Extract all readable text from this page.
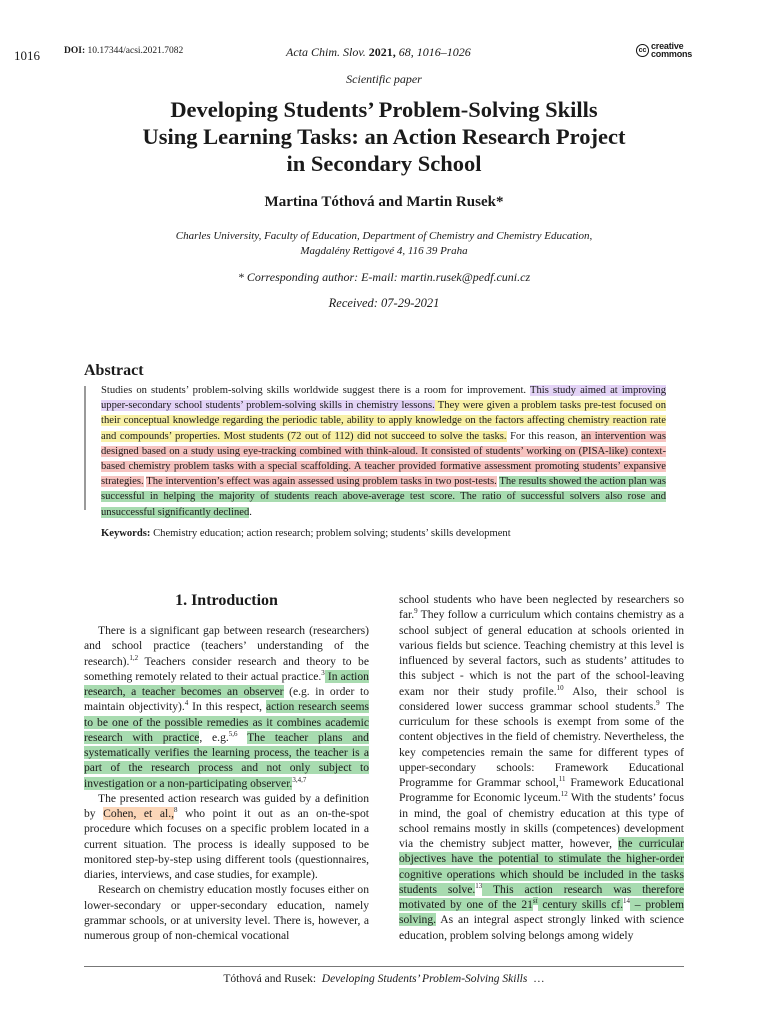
1016	DOI: 10.17344/acsi.2021.7082	Acta Chim. Slov. 2021, 68, 1016–1026	cc creative
commons
Scientific paper
Developing Students’ Problem-Solving Skills
Using Learning Tasks: an Action Research Project
in Secondary School
Martina Tóthová and Martin Rusek*
Charles University, Faculty of Education, Department of Chemistry and Chemistry Education,
Magdalény Rettigové 4, 116 39 Praha
* Corresponding author: E-mail: martin.rusek@pedf.cuni.cz
Received: 07-29-2021
Abstract
Studies on students’ problem-solving skills worldwide suggest there is a room for improvement. This study aimed at improving upper-secondary school students’ problem-solving skills in chemistry lessons. They were given a problem tasks pre-test focused on their conceptual knowledge regarding the periodic table, ability to apply knowledge on the factors affecting chemistry reaction rate and compounds’ properties. Most students (72 out of 112) did not succeed to solve the tasks. For this reason, an intervention was designed based on a study using eye-tracking combined with think-aloud. It consisted of students’ working on (PISA-like) context-based chemistry problem tasks with a special scaffolding. A teacher provided formative assessment promoting students’ expansive strategies. The intervention’s effect was again assessed using problem tasks in two post-tests. The results showed the action plan was successful in helping the majority of students reach above-average test score. The ratio of successful solvers also rose and unsuccessful significantly declined.
Keywords: Chemistry education; action research; problem solving; students’ skills development
1. Introduction

There is a significant gap between research (researchers) and school practice (teachers’ understanding of the research).$^{1,2}$ Teachers consider research and theory to be something remotely related to their actual practice.$^3$ In action research, a teacher becomes an observer (e.g. in order to maintain objectivity).$^4$ In this respect, action research seems to be one of the possible remedies as it combines academic research with practice, e.g.$^{5,6}$ The teacher plans and systematically verifies the learning process, the teacher is a part of the research process and not only subject to investigation or a non-participating observer.$^{3,4,7}$

The presented action research was guided by a definition by Cohen, et al.,$^8$ who point it out as an on-the-spot procedure which focuses on a specific problem located in a current situation. The process is ideally supposed to be monitored step-by-step using different tools (questionnaires, diaries, interviews, and case studies, for example).

Research on chemistry education mostly focuses either on lower-secondary or upper-secondary education, namely grammar schools, or at university level. There is, however, a numerous group of non-chemical vocational

school students who have been neglected by researchers so far.$^9$ They follow a curriculum which contains chemistry as a school subject of general education at schools oriented in various fields but science. Teaching chemistry at this level is influenced by several factors, such as students’ attitudes to this subject - which is not the part of the school-leaving exam nor their study profile.$^{10}$ Also, their school is considered lower success grammar school students.$^9$ The curriculum for these schools is exempt from some of the content objectives in the field of chemistry. Nevertheless, the key competencies remain the same for different types of upper-secondary schools: Framework Educational Programme for Grammar school,$^{11}$ Framework Educational Programme for Economic lyceum.$^{12}$ With the students’ focus in mind, the goal of chemistry education at this type of school remains mostly in skills (competences) development via the chemistry subject matter, however, the curricular objectives have the potential to stimulate the higher-order cognitive operations which should be included in the tasks students solve.$^{13}$ This action research was therefore motivated by one of the 21st century skills cf.$^{14}$ – problem solving. As an integral aspect strongly linked with science education, problem solving belongs among widely

Tóthová and Rusek: Developing Students’ Problem-Solving Skills …
